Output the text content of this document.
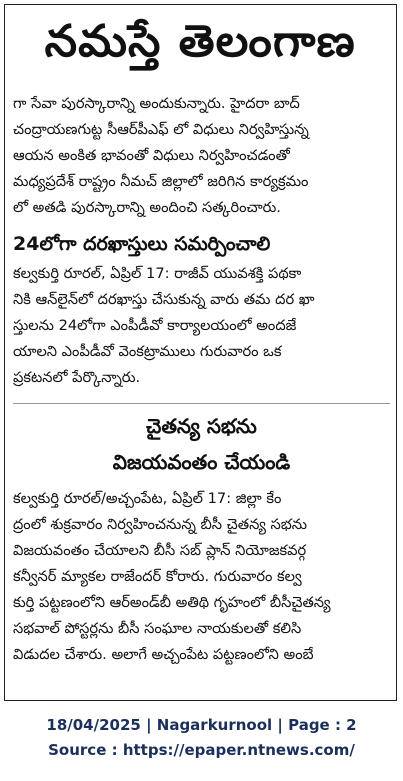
నమస్తే తెలంగాణ

గా సేవా పురస్కారాన్ని అందుకున్నారు. హైదరా బాద్
చంద్రాయణగుట్ట సీఆర్‌పీఎఫ్ లో విధులు నిర్వహిస్తున్న
ఆయన అంకిత భావంతో విధులు నిర్వహించడంతో
మధ్యప్రదేశ్ రాష్ట్రం నీమచ్ జిల్లాలో జరిగిన కార్యక్రమం
లో అతడి పురస్కారాన్ని అందించి సత్కరించారు.

24లోగా దరఖాస్తులు సమర్పించాలి

కల్వకుర్తి రూరల్, ఏప్రిల్ 17: రాజీవ్ యువశక్తి పథకా
నికి ఆన్‌లైన్‌లో దరఖాస్తు చేసుకున్న వారు తమ దర ఖా
స్తులను 24లోగా ఎంపీడీవో కార్యాలయంలో అందజే
యాలని ఎంపీడీవో వెంకట్రాములు గురువారం ఒక
ప్రకటనలో పేర్కొన్నారు.

చైతన్య సభను
విజయవంతం చేయండి

కల్వకుర్తి రూరల్/అచ్చంపేట, ఏప్రిల్ 17: జిల్లా కేం
ద్రంలో శుక్రవారం నిర్వహించనున్న బీసీ చైతన్య సభను
విజయవంతం చేయాలని బీసీ సబ్ ప్లాన్ నియోజకవర్గ
కన్వీనర్ మ్యాకల రాజేందర్ కోరారు. గురువారం కల్వ
కుర్తి పట్టణంలోని ఆర్‌అండ్‌బీ అతిథి గృహంలో బీసీచైతన్య
సభవాల్ పోస్టర్లను బీసీ సంఘాల నాయకులతో కలిసి
విడుదల చేశారు. అలాగే అచ్చంపేట పట్టణంలోని అంబే

18/04/2025 | Nagarkurnool | Page : 2
Source : https://epaper.ntnews.com/
